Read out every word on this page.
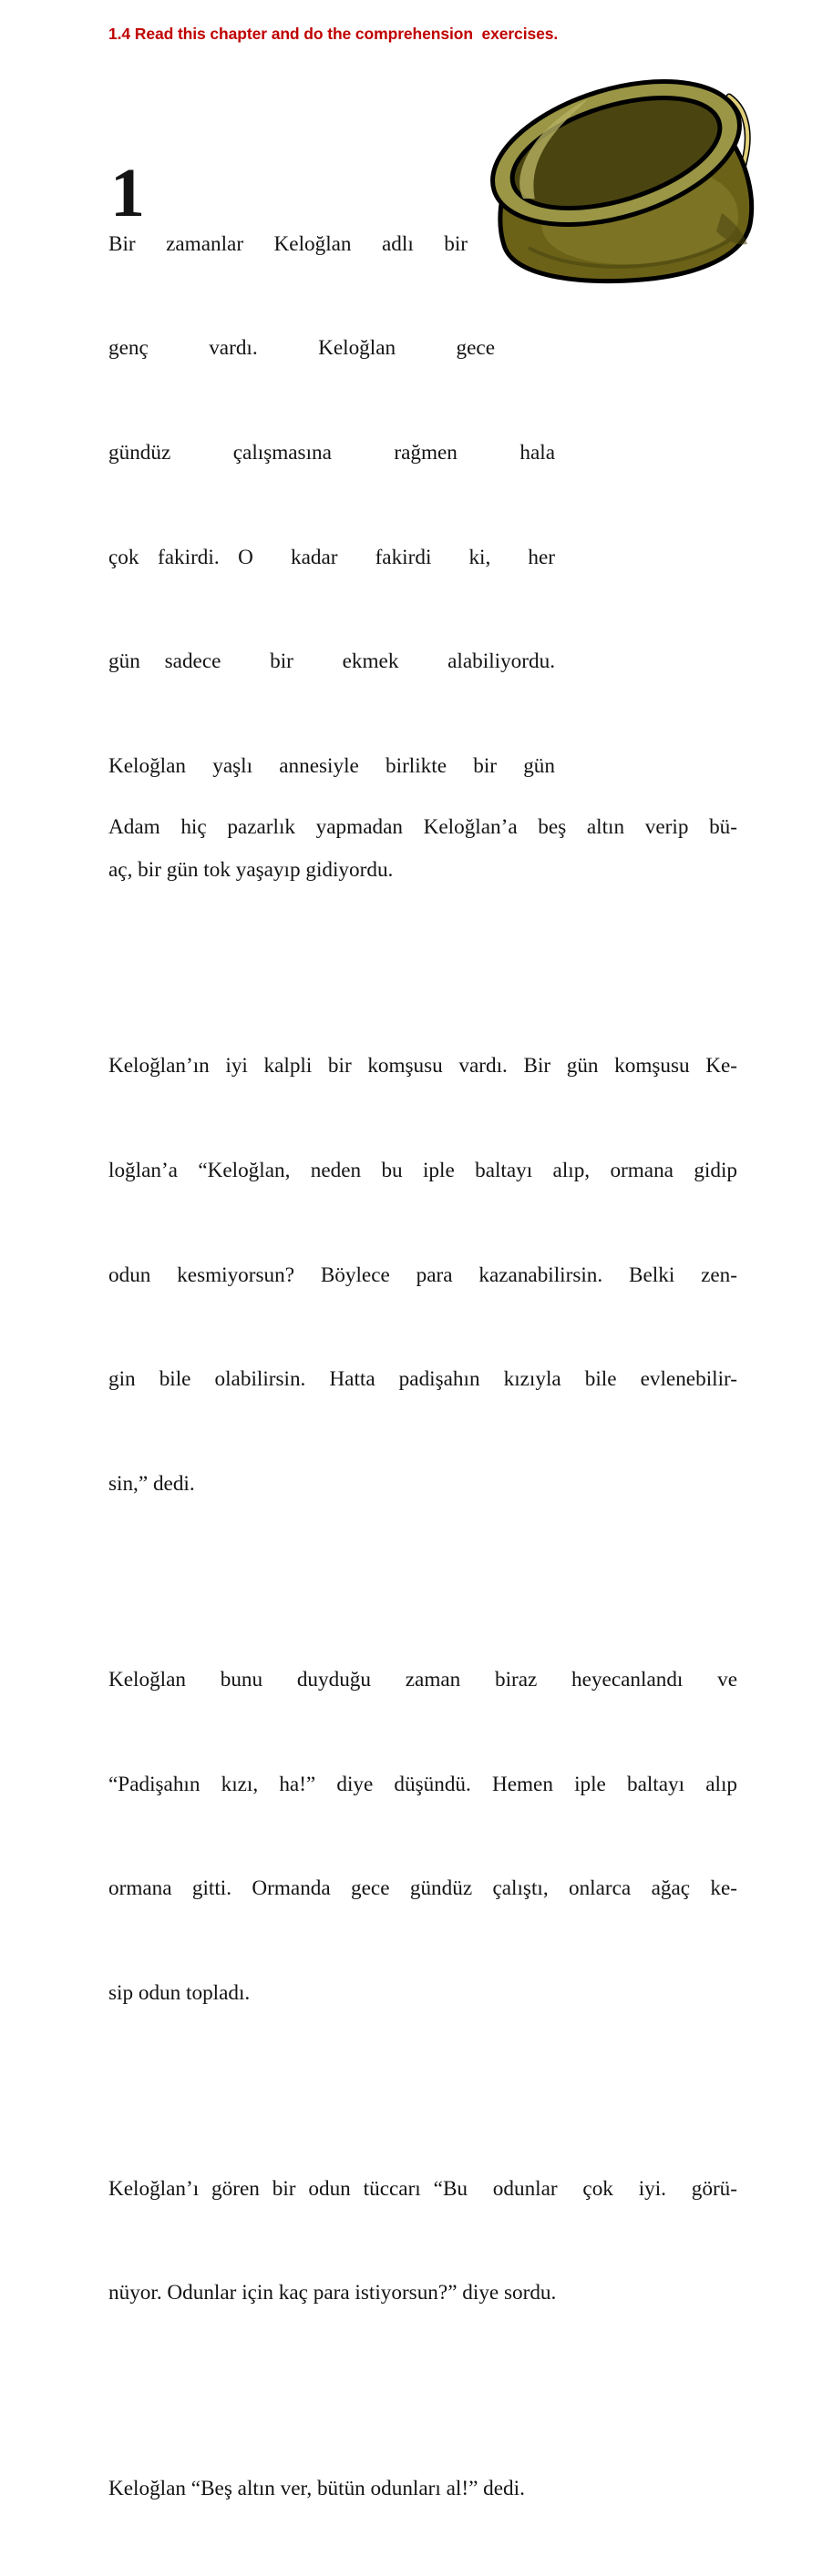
1.4 Read this chapter and do the comprehension  exercises.

1

Bir  zamanlar  Keloğlan  adlı  bir

genç   vardı.   Keloğlan   gece

gündüz  çalışmasına  rağmen  hala

çok fakirdi. O  kadar  fakirdi  ki,  her

gün sadece  bir  ekmek  alabiliyordu.

Keloğlan  yaşlı  annesiyle  birlikte  bir  gün

aç, bir gün tok yaşayıp gidiyordu.

Keloğlan’ın iyi kalpli bir komşusu vardı. Bir gün komşusu Ke-

loğlan’a “Keloğlan, neden bu iple baltayı alıp, ormana gidip

odun kesmiyorsun? Böylece para kazanabilirsin. Belki zen-

gin bile olabilirsin. Hatta padişahın kızıyla bile evlenebilir-

sin,” dedi.

Keloğlan  bunu  duyduğu  zaman  biraz  heyecanlandı  ve

“Padişahın kızı, ha!” diye düşündü. Hemen iple baltayı alıp

ormana gitti. Ormanda gece gündüz çalıştı, onlarca ağaç ke-

sip odun topladı.

Keloğlan’ı gören bir odun tüccarı “Bu  odunlar  çok  iyi.  görü-

nüyor. Odunlar için kaç para istiyorsun?” diye sordu.

Keloğlan “Beş altın ver, bütün odunları al!” dedi.

Adam hiç pazarlık yapmadan Keloğlan’a beş altın verip bü-
